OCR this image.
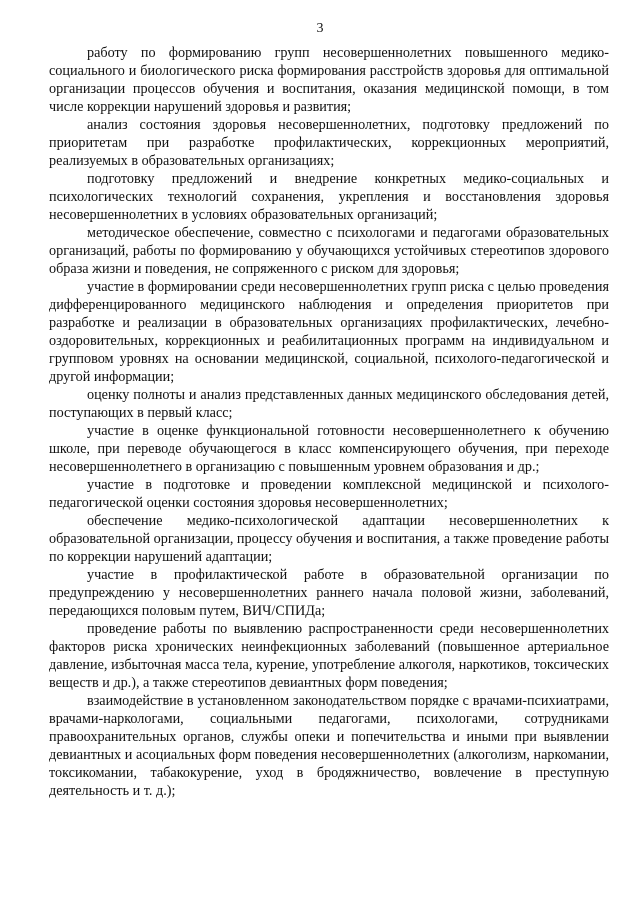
3

работу по формированию групп несовершеннолетних повышенного медико-социального и биологического риска формирования расстройств здоровья для оптимальной организации процессов обучения и воспитания, оказания медицинской помощи, в том числе коррекции нарушений здоровья и развития;

анализ состояния здоровья несовершеннолетних, подготовку предложений по приоритетам при разработке профилактических, коррекционных мероприятий, реализуемых в образовательных организациях;

подготовку предложений и внедрение конкретных медико-социальных и психологических технологий сохранения, укрепления и восстановления здоровья несовершеннолетних в условиях образовательных организаций;

методическое обеспечение, совместно с психологами и педагогами образовательных организаций, работы по формированию у обучающихся устойчивых стереотипов здорового образа жизни и поведения, не сопряженного с риском для здоровья;

участие в формировании среди несовершеннолетних групп риска с целью проведения дифференцированного медицинского наблюдения и определения приоритетов при разработке и реализации в образовательных организациях профилактических, лечебно-оздоровительных, коррекционных и реабилитационных программ на индивидуальном и групповом уровнях на основании медицинской, социальной, психолого-педагогической и другой информации;

оценку полноты и анализ представленных данных медицинского обследования детей, поступающих в первый класс;

участие в оценке функциональной готовности несовершеннолетнего к обучению школе, при переводе обучающегося в класс компенсирующего обучения, при переходе несовершеннолетнего в организацию с повышенным уровнем образования и др.;

участие в подготовке и проведении комплексной медицинской и психолого-педагогической оценки состояния здоровья несовершеннолетних;

обеспечение медико-психологической адаптации несовершеннолетних к образовательной организации, процессу обучения и воспитания, а также проведение работы по коррекции нарушений адаптации;

участие в профилактической работе в образовательной организации по предупреждению у несовершеннолетних раннего начала половой жизни, заболеваний, передающихся половым путем, ВИЧ/СПИДа;

проведение работы по выявлению распространенности среди несовершеннолетних факторов риска хронических неинфекционных заболеваний (повышенное артериальное давление, избыточная масса тела, курение, употребление алкоголя, наркотиков, токсических веществ и др.), а также стереотипов девиантных форм поведения;

взаимодействие в установленном законодательством порядке с врачами-психиатрами, врачами-наркологами, социальными педагогами, психологами, сотрудниками правоохранительных органов, службы опеки и попечительства и иными при выявлении девиантных и асоциальных форм поведения несовершеннолетних (алкоголизм, наркомании, токсикомании, табакокурение, уход в бродяжничество, вовлечение в преступную деятельность и т. д.);
